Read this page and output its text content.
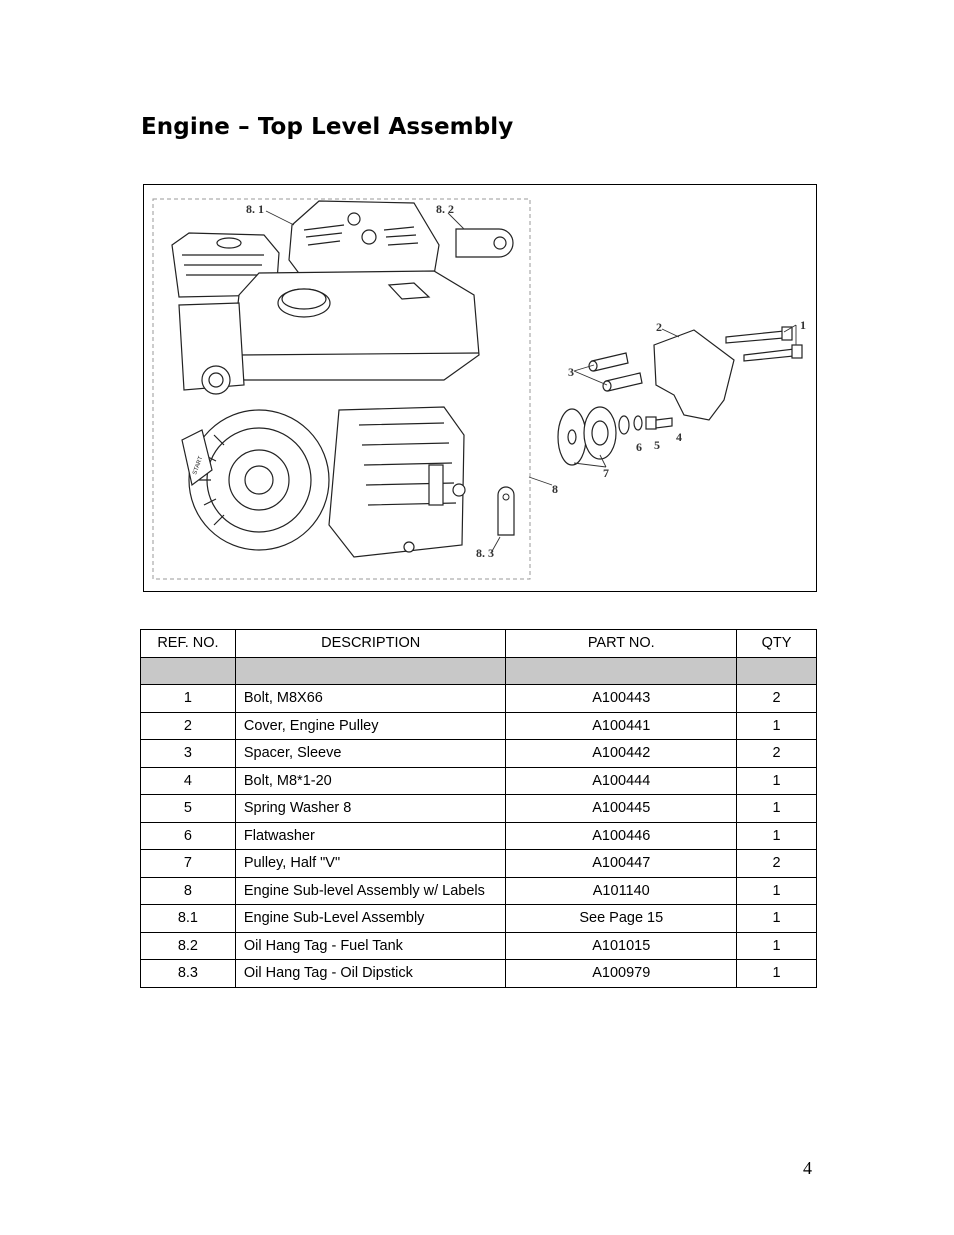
Engine – Top Level Assembly
8. 1	8. 2
2	1
3
6 5
4
7
8
8. 3
START
REF. NO.	DESCRIPTION	PART NO.	QTY

1	Bolt, M8X66	A100443	2
2	Cover, Engine Pulley	A100441	1
3	Spacer, Sleeve	A100442	2
4	Bolt, M8*1-20	A100444	1
5	Spring Washer 8	A100445	1
6	Flatwasher	A100446	1
7	Pulley, Half "V"	A100447	2
8	Engine Sub-level Assembly w/ Labels	A101140	1
8.1	Engine Sub-Level Assembly	See Page 15	1
8.2	Oil Hang Tag - Fuel Tank	A101015	1
8.3	Oil Hang Tag - Oil Dipstick	A100979	1
4
